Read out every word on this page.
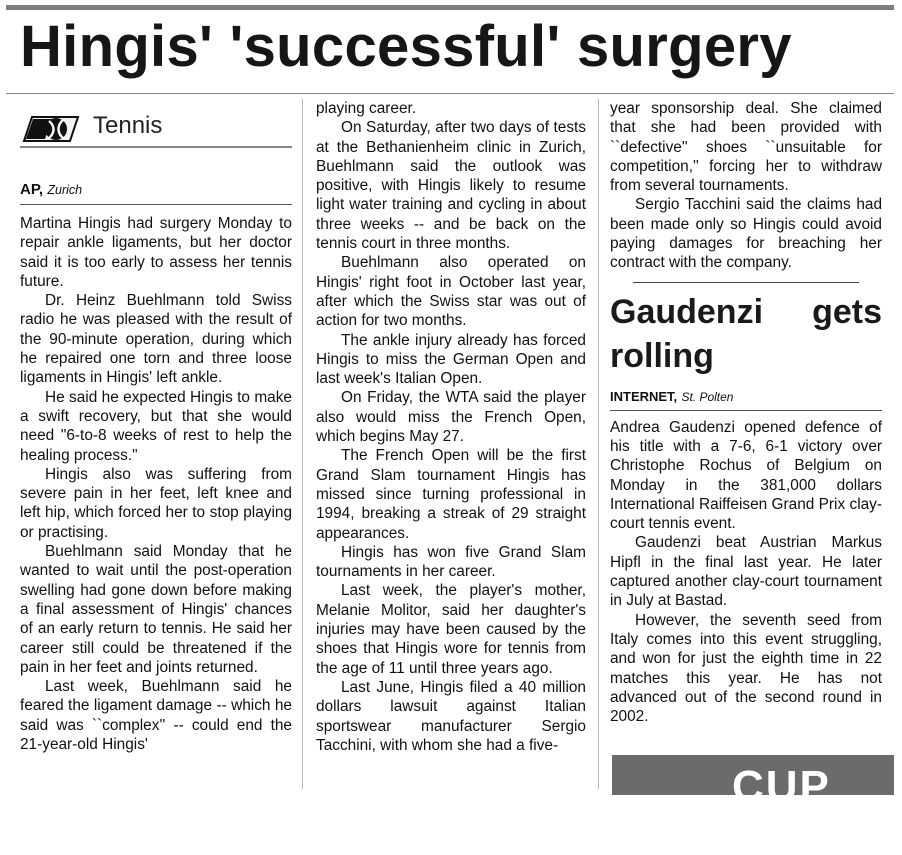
Hingis' 'successful' surgery
Tennis
AP, Zurich

Martina Hingis had surgery Monday to repair ankle ligaments, but her doctor said it is too early to assess her tennis future.

Dr. Heinz Buehlmann told Swiss radio he was pleased with the result of the 90-minute operation, during which he repaired one torn and three loose ligaments in Hingis' left ankle.

He said he expected Hingis to make a swift recovery, but that she would need "6-to-8 weeks of rest to help the healing process."

Hingis also was suffering from severe pain in her feet, left knee and left hip, which forced her to stop playing or practising.

Buehlmann said Monday that he wanted to wait until the post-operation swelling had gone down before making a final assessment of Hingis' chances of an early return to tennis. He said her career still could be threatened if the pain in her feet and joints returned.

Last week, Buehlmann said he feared the ligament damage -- which he said was ``complex'' -- could end the 21-year-old Hingis'

playing career.

On Saturday, after two days of tests at the Bethanienheim clinic in Zurich, Buehlmann said the outlook was positive, with Hingis likely to resume light water training and cycling in about three weeks -- and be back on the tennis court in three months.

Buehlmann also operated on Hingis' right foot in October last year, after which the Swiss star was out of action for two months.

The ankle injury already has forced Hingis to miss the German Open and last week's Italian Open.

On Friday, the WTA said the player also would miss the French Open, which begins May 27.

The French Open will be the first Grand Slam tournament Hingis has missed since turning professional in 1994, breaking a streak of 29 straight appearances.

Hingis has won five Grand Slam tournaments in her career.

Last week, the player's mother, Melanie Molitor, said her daughter's injuries may have been caused by the shoes that Hingis wore for tennis from the age of 11 until three years ago.

Last June, Hingis filed a 40 million dollars lawsuit against Italian sportswear manufacturer Sergio Tacchini, with whom she had a five-

year sponsorship deal. She claimed that she had been provided with ``defective'' shoes ``unsuitable for competition,'' forcing her to withdraw from several tournaments.

Sergio Tacchini said the claims had been made only so Hingis could avoid paying damages for breaching her contract with the company.

Gaudenzi gets rolling
INTERNET, St. Polten

Andrea Gaudenzi opened defence of his title with a 7-6, 6-1 victory over Christophe Rochus of Belgium on Monday in the 381,000 dollars International Raiffeisen Grand Prix clay-court tennis event.

Gaudenzi beat Austrian Markus Hipfl in the final last year. He later captured another clay-court tournament in July at Bastad.

However, the seventh seed from Italy comes into this event struggling, and won for just the eighth time in 22 matches this year. He has not advanced out of the second round in 2002.

CUP CO
